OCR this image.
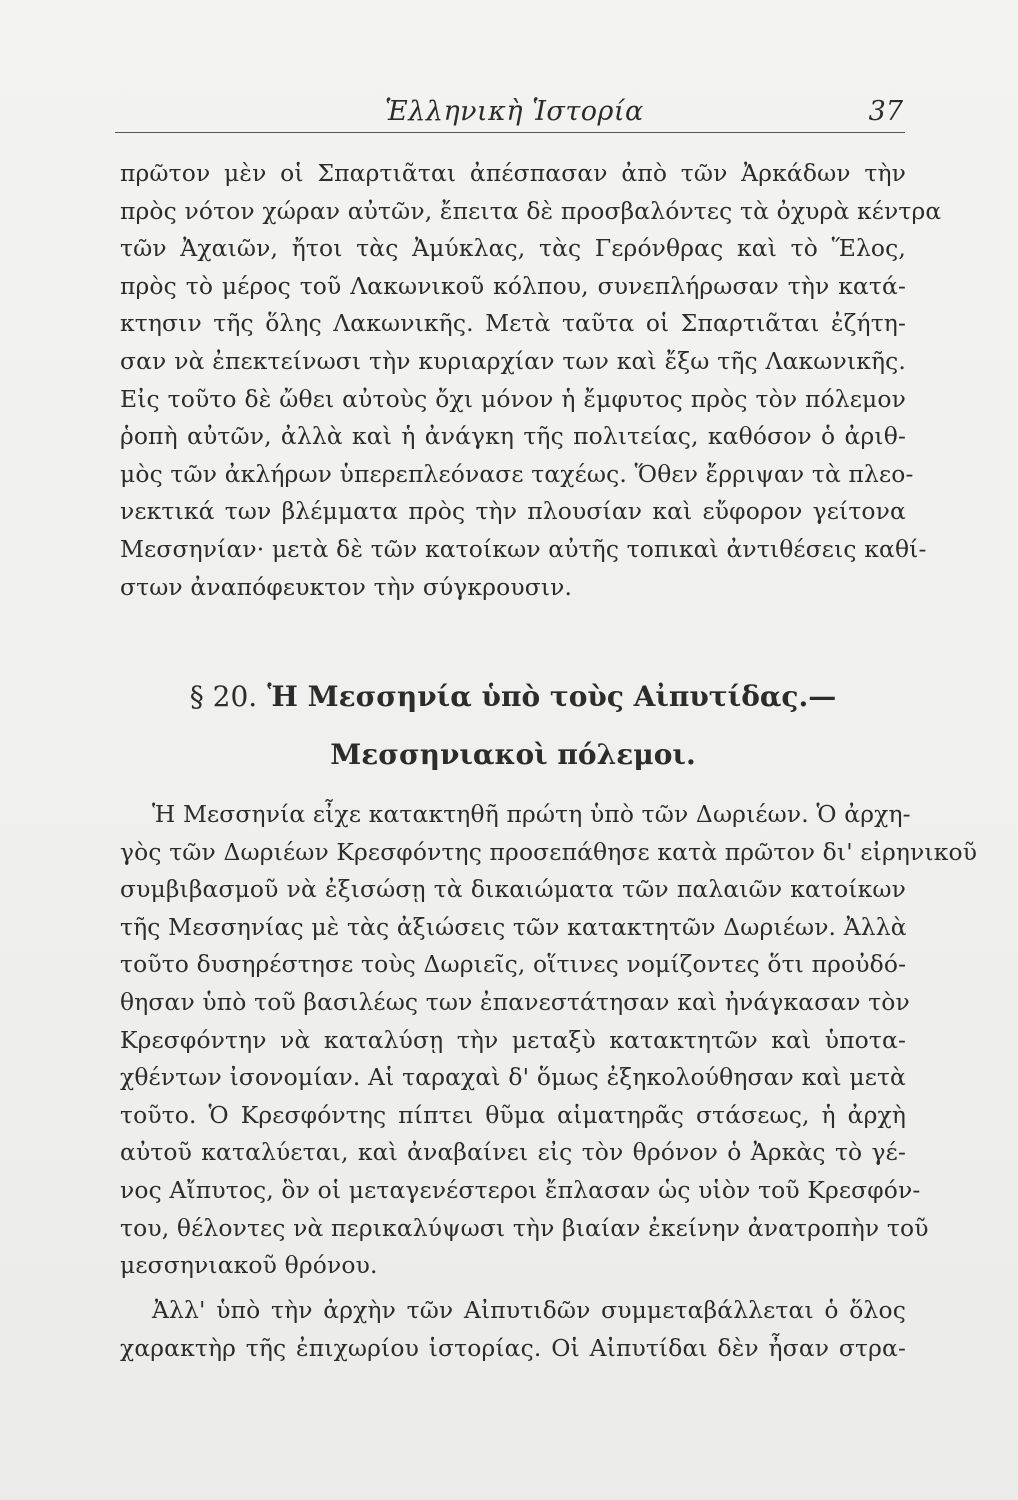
Ἑλληνικὴ Ἱστορία	37

πρῶτον μὲν οἱ Σπαρτιᾶται ἀπέσπασαν ἀπὸ τῶν Ἀρκάδων τὴν
πρὸς νότον χώραν αὐτῶν, ἔπειτα δὲ προσβαλόντες τὰ ὀχυρὰ κέντρα
τῶν Ἀχαιῶν, ἤτοι τὰς Ἀμύκλας, τὰς Γερόνθρας καὶ τὸ Ἕλος,
πρὸς τὸ μέρος τοῦ Λακωνικοῦ κόλπου, συνεπλήρωσαν τὴν κατά-
κτησιν τῆς ὅλης Λακωνικῆς. Μετὰ ταῦτα οἱ Σπαρτιᾶται ἐζήτη-
σαν νὰ ἐπεκτείνωσι τὴν κυριαρχίαν των καὶ ἔξω τῆς Λακωνικῆς.
Εἰς τοῦτο δὲ ὤθει αὐτοὺς ὄχι μόνον ἡ ἔμφυτος πρὸς τὸν πόλεμον
ῥοπὴ αὐτῶν, ἀλλὰ καὶ ἡ ἀνάγκη τῆς πολιτείας, καθόσον ὁ ἀριθ-
μὸς τῶν ἀκλήρων ὑπερεπλεόνασε ταχέως. Ὅθεν ἔρριψαν τὰ πλεο-
νεκτικά των βλέμματα πρὸς τὴν πλουσίαν καὶ εὔφορον γείτονα
Μεσσηνίαν· μετὰ δὲ τῶν κατοίκων αὐτῆς τοπικαὶ ἀντιθέσεις καθί-
στων ἀναπόφευκτον τὴν σύγκρουσιν.

§ 20. Ἡ Μεσσηνία ὑπὸ τοὺς Αἰπυτίδας.—
Μεσσηνιακοὶ πόλεμοι.

Ἡ Μεσσηνία εἶχε κατακτηθῆ πρώτη ὑπὸ τῶν Δωριέων. Ὁ ἀρχη-
γὸς τῶν Δωριέων Κρεσφόντης προσεπάθησε κατὰ πρῶτον δι' εἰρηνικοῦ
συμβιβασμοῦ νὰ ἐξισώσῃ τὰ δικαιώματα τῶν παλαιῶν κατοίκων
τῆς Μεσσηνίας μὲ τὰς ἀξιώσεις τῶν κατακτητῶν Δωριέων. Ἀλλὰ
τοῦτο δυσηρέστησε τοὺς Δωριεῖς, οἵτινες νομίζοντες ὅτι προὐδό-
θησαν ὑπὸ τοῦ βασιλέως των ἐπανεστάτησαν καὶ ἠνάγκασαν τὸν
Κρεσφόντην νὰ καταλύσῃ τὴν μεταξὺ κατακτητῶν καὶ ὑποτα-
χθέντων ἰσονομίαν. Αἱ ταραχαὶ δ' ὅμως ἐξηκολούθησαν καὶ μετὰ
τοῦτο. Ὁ Κρεσφόντης πίπτει θῦμα αἱματηρᾶς στάσεως, ἡ ἀρχὴ
αὐτοῦ καταλύεται, καὶ ἀναβαίνει εἰς τὸν θρόνον ὁ Ἀρκὰς τὸ γέ-
νος Αἴπυτος, ὃν οἱ μεταγενέστεροι ἔπλασαν ὡς υἱὸν τοῦ Κρεσφόν-
του, θέλοντες νὰ περικαλύψωσι τὴν βιαίαν ἐκείνην ἀνατροπὴν τοῦ
μεσσηνιακοῦ θρόνου.

Ἀλλ' ὑπὸ τὴν ἀρχὴν τῶν Αἰπυτιδῶν συμμεταβάλλεται ὁ ὅλος
χαρακτὴρ τῆς ἐπιχωρίου ἱστορίας. Οἱ Αἰπυτίδαι δὲν ἦσαν στρα-
